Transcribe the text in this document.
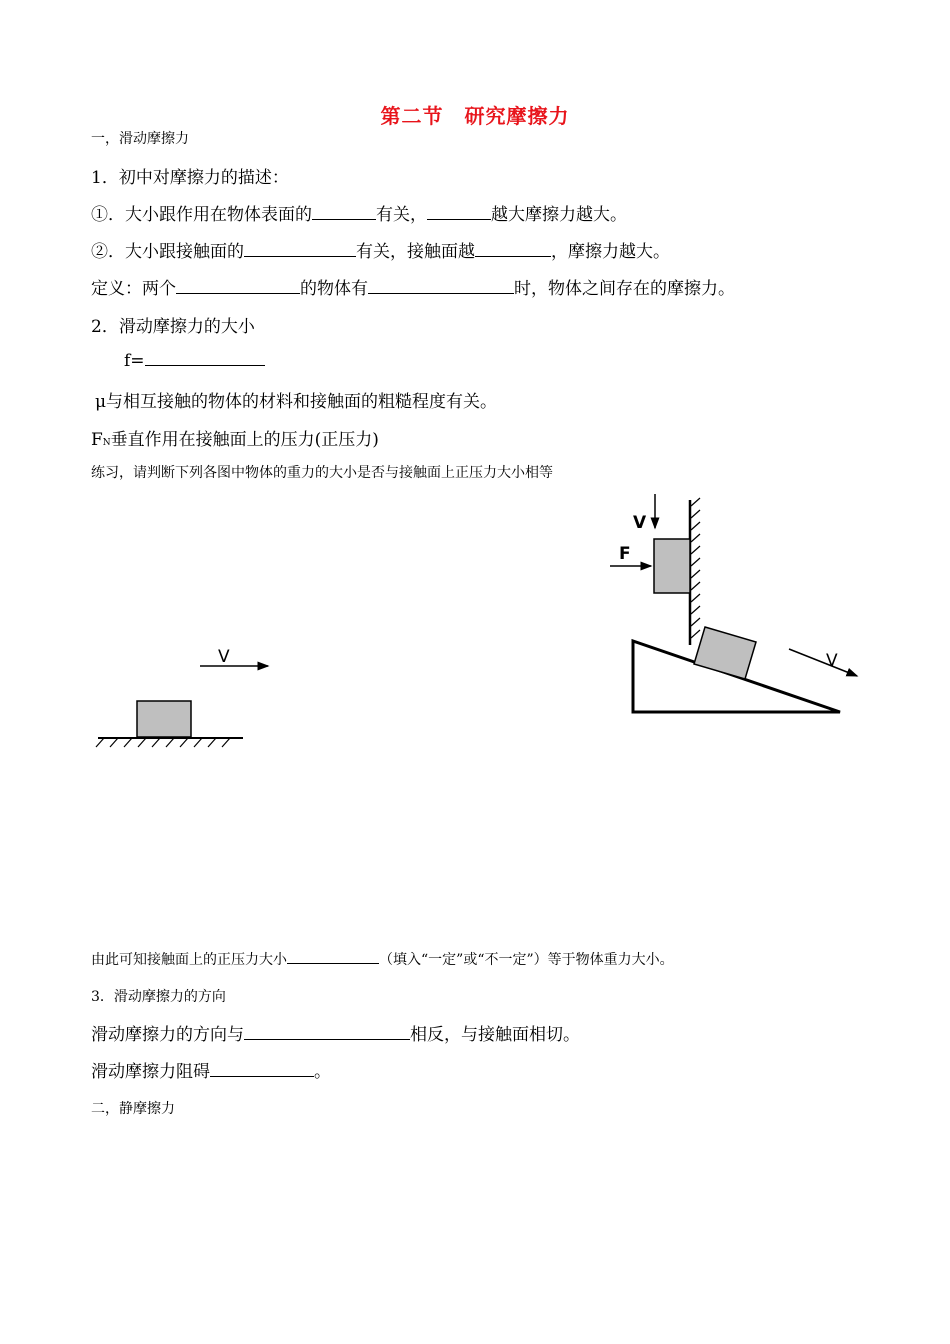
第二节　研究摩擦力
一，滑动摩擦力
1．初中对摩擦力的描述：
①．大小跟作用在物体表面的	有关，	越大摩擦力越大。
②．大小跟接触面的	有关，接触面越	，摩擦力越大。
定义：两个	的物体有	时，物体之间存在的摩擦力。
2．滑动摩擦力的大小
f=
μ与相互接触的物体的材料和接触面的粗糙程度有关。
FN垂直作用在接触面上的压力(正压力)
练习，请判断下列各图中物体的重力的大小是否与接触面上正压力大小相等
V
V
F
V
由此可知接触面上的正压力大小	（填入“一定”或“不一定”）等于物体重力大小。
3．滑动摩擦力的方向
滑动摩擦力的方向与	相反，与接触面相切。
滑动摩擦力阻碍	。
二，静摩擦力
